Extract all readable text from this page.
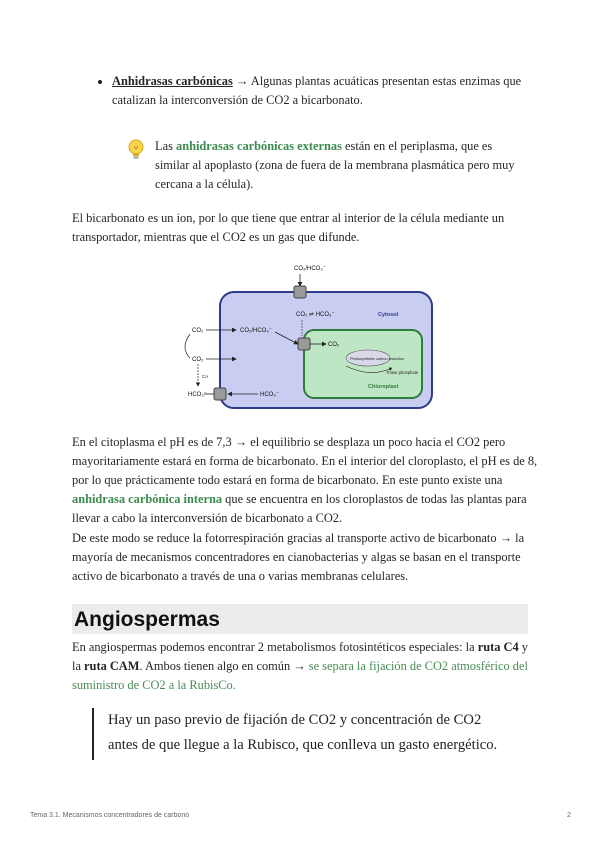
Anhidrasas carbónicas → Algunas plantas acuáticas presentan estas enzimas que
catalizan la interconversión de CO2 a bicarbonato.

Las anhidrasas carbónicas externas están en el periplasma, que es
similar al apoplasto (zona de fuera de la membrana plasmática pero muy
cercana a la célula).

El bicarbonato es un ion, por lo que tiene que entrar al interior de la célula mediante un
transportador, mientras que el CO2 es un gas que difunde.

CO₂/HCO₃⁻
Cytosol
CO₂ ⇌ HCO₃⁻
CO₂/HCO₃⁻
CO₂
Chloroplast
Photosynthetic carbon reduction
Triose phosphate
CO₂
CO₂
HCO₃⁻
CA
HCO₃⁻

En el citoplasma el pH es de 7,3 → el equilibrio se desplaza un poco hacia el CO2 pero
mayoritariamente estará en forma de bicarbonato. En el interior del cloroplasto, el pH es de 8,
por lo que prácticamente todo estará en forma de bicarbonato. En este punto existe una
anhidrasa carbónica interna que se encuentra en los cloroplastos de todas las plantas para
llevar a cabo la interconversión de bicarbonato a CO2.

De este modo se reduce la fotorrespiración gracias al transporte activo de bicarbonato → la
mayoría de mecanismos concentradores en cianobacterias y algas se basan en el transporte
activo de bicarbonato a través de una o varias membranas celulares.

Angiospermas

En angiospermas podemos encontrar 2 metabolismos fotosintéticos especiales: la ruta C4 y
la ruta CAM. Ambos tienen algo en común → se separa la fijación de CO2 atmosférico del
suministro de CO2 a la RubisCo.

Hay un paso previo de fijación de CO2 y concentración de CO2
antes de que llegue a la Rubisco, que conlleva un gasto energético.

Tema 3.1. Mecanismos concentradores de carbono	2
